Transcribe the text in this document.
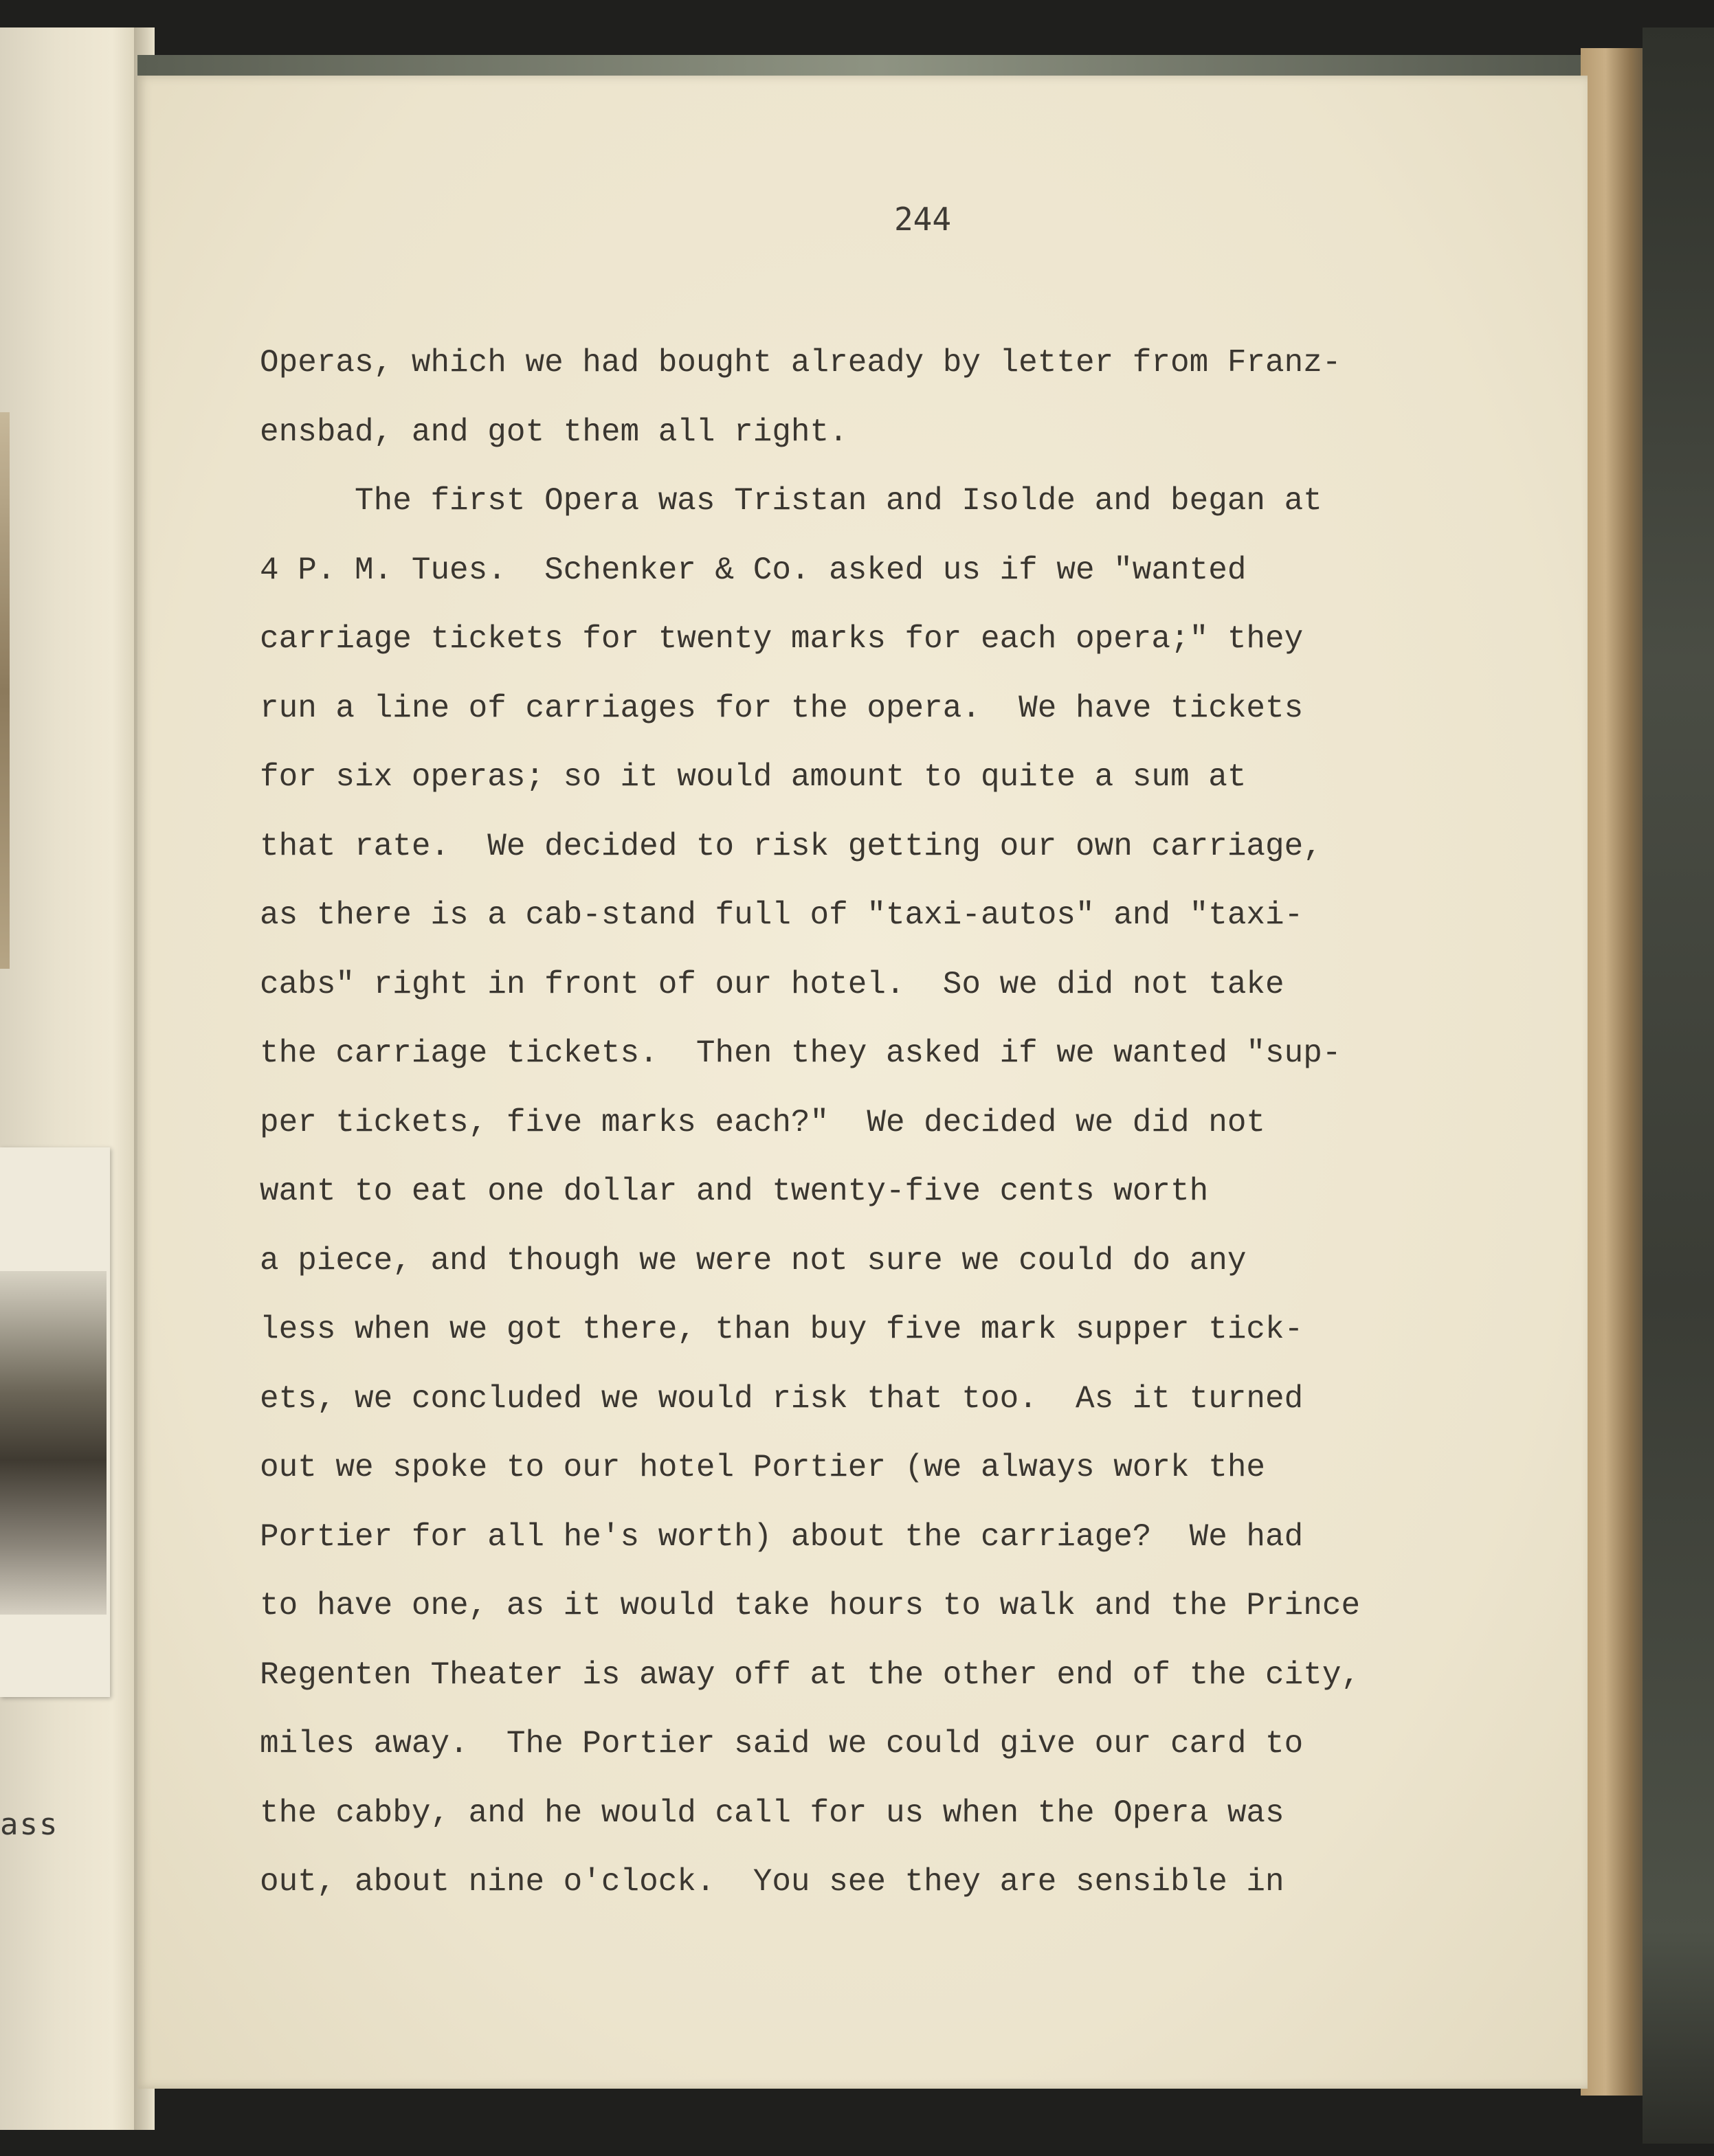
ass
244
Operas, which we had bought already by letter from Franz-
ensbad, and got them all right.
The first Opera was Tristan and Isolde and began at
4 P. M. Tues.  Schenker & Co. asked us if we "wanted
carriage tickets for twenty marks for each opera;" they
run a line of carriages for the opera.  We have tickets
for six operas; so it would amount to quite a sum at
that rate.  We decided to risk getting our own carriage,
as there is a cab-stand full of "taxi-autos" and "taxi-
cabs" right in front of our hotel.  So we did not take
the carriage tickets.  Then they asked if we wanted "sup-
per tickets, five marks each?"  We decided we did not
want to eat one dollar and twenty-five cents worth
a piece, and though we were not sure we could do any
less when we got there, than buy five mark supper tick-
ets, we concluded we would risk that too.  As it turned
out we spoke to our hotel Portier (we always work the
Portier for all he's worth) about the carriage?  We had
to have one, as it would take hours to walk and the Prince
Regenten Theater is away off at the other end of the city,
miles away.  The Portier said we could give our card to
the cabby, and he would call for us when the Opera was
out, about nine o'clock.  You see they are sensible in
